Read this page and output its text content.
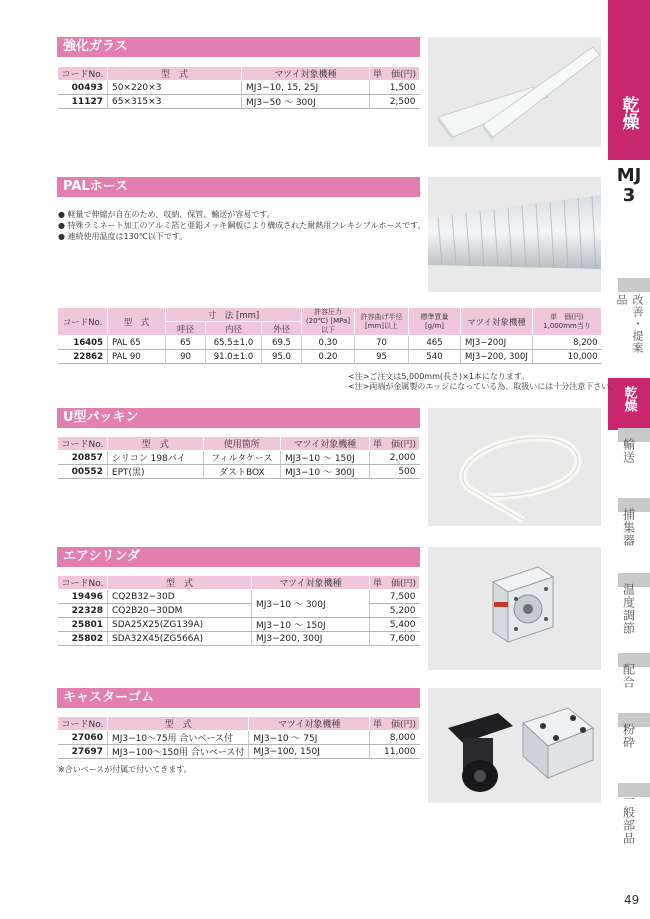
乾燥
MJ3
改善・提案品
乾燥
輸送
捕集器
温度調節
配合
粉砕
一般部品
49
強化ガラス
コードNo.	型　式	マツイ対象機種	単　価(円)
00493	50×220×3	MJ3−10, 15, 25J	1,500
11127	65×315×3	MJ3−50 〜 300J	2,500
PALホース
● 軽量で伸縮が自在のため、収納、保管、輸送が容易です。
● 特殊ラミネート加工のアルミ箔と亜鉛メッキ鋼板により構成された耐熱用フレキシブルホースです。
● 連続使用温度は130℃以下です。
コードNo.	型　式	寸　法 [mm]			許容圧力(20℃) [MPa]以下	許容曲げ半径 [mm]以上	標準質量 [g/m]	マツイ対象機種	単　価(円) 1,000mm当り
		呼径	内径	外径					
16405	PAL 65	65	65.5±1.0	69.5	0.30	70	465	MJ3−200J	8,200
22862	PAL 90	90	91.0±1.0	95.0	0.20	95	540	MJ3−200, 300J	10,000
<注>ご注文は5,000mm(長さ)×1本になります。
<注>両端が金属製のエッジになっている為、取扱いには十分注意下さい。
U型パッキン
コードNo.	型　式	使用箇所	マツイ対象機種	単　価(円)
20857	シリコン 198パイ	フィルタケース	MJ3−10 〜 150J	2,000
00552	EPT(黒)	ダストBOX	MJ3−10 〜 300J	500
エアシリンダ
コードNo.	型　式	マツイ対象機種	単　価(円)
19496	CQ2B32−30D	MJ3−10 〜 300J	7,500
22328	CQ2B20−30DM		5,200
25801	SDA25X25(ZG139A)	MJ3−10 〜 150J	5,400
25802	SDA32X45(ZG566A)	MJ3−200, 300J	7,600
キャスターゴム
コードNo.	型　式	マツイ対象機種	単　価(円)
27060	MJ3−10〜75用 合いベース付	MJ3−10 〜 75J	8,000
27697	MJ3−100〜150用 合いベース付	MJ3−100, 150J	11,000
※合いベースが付属で付いてきます。
